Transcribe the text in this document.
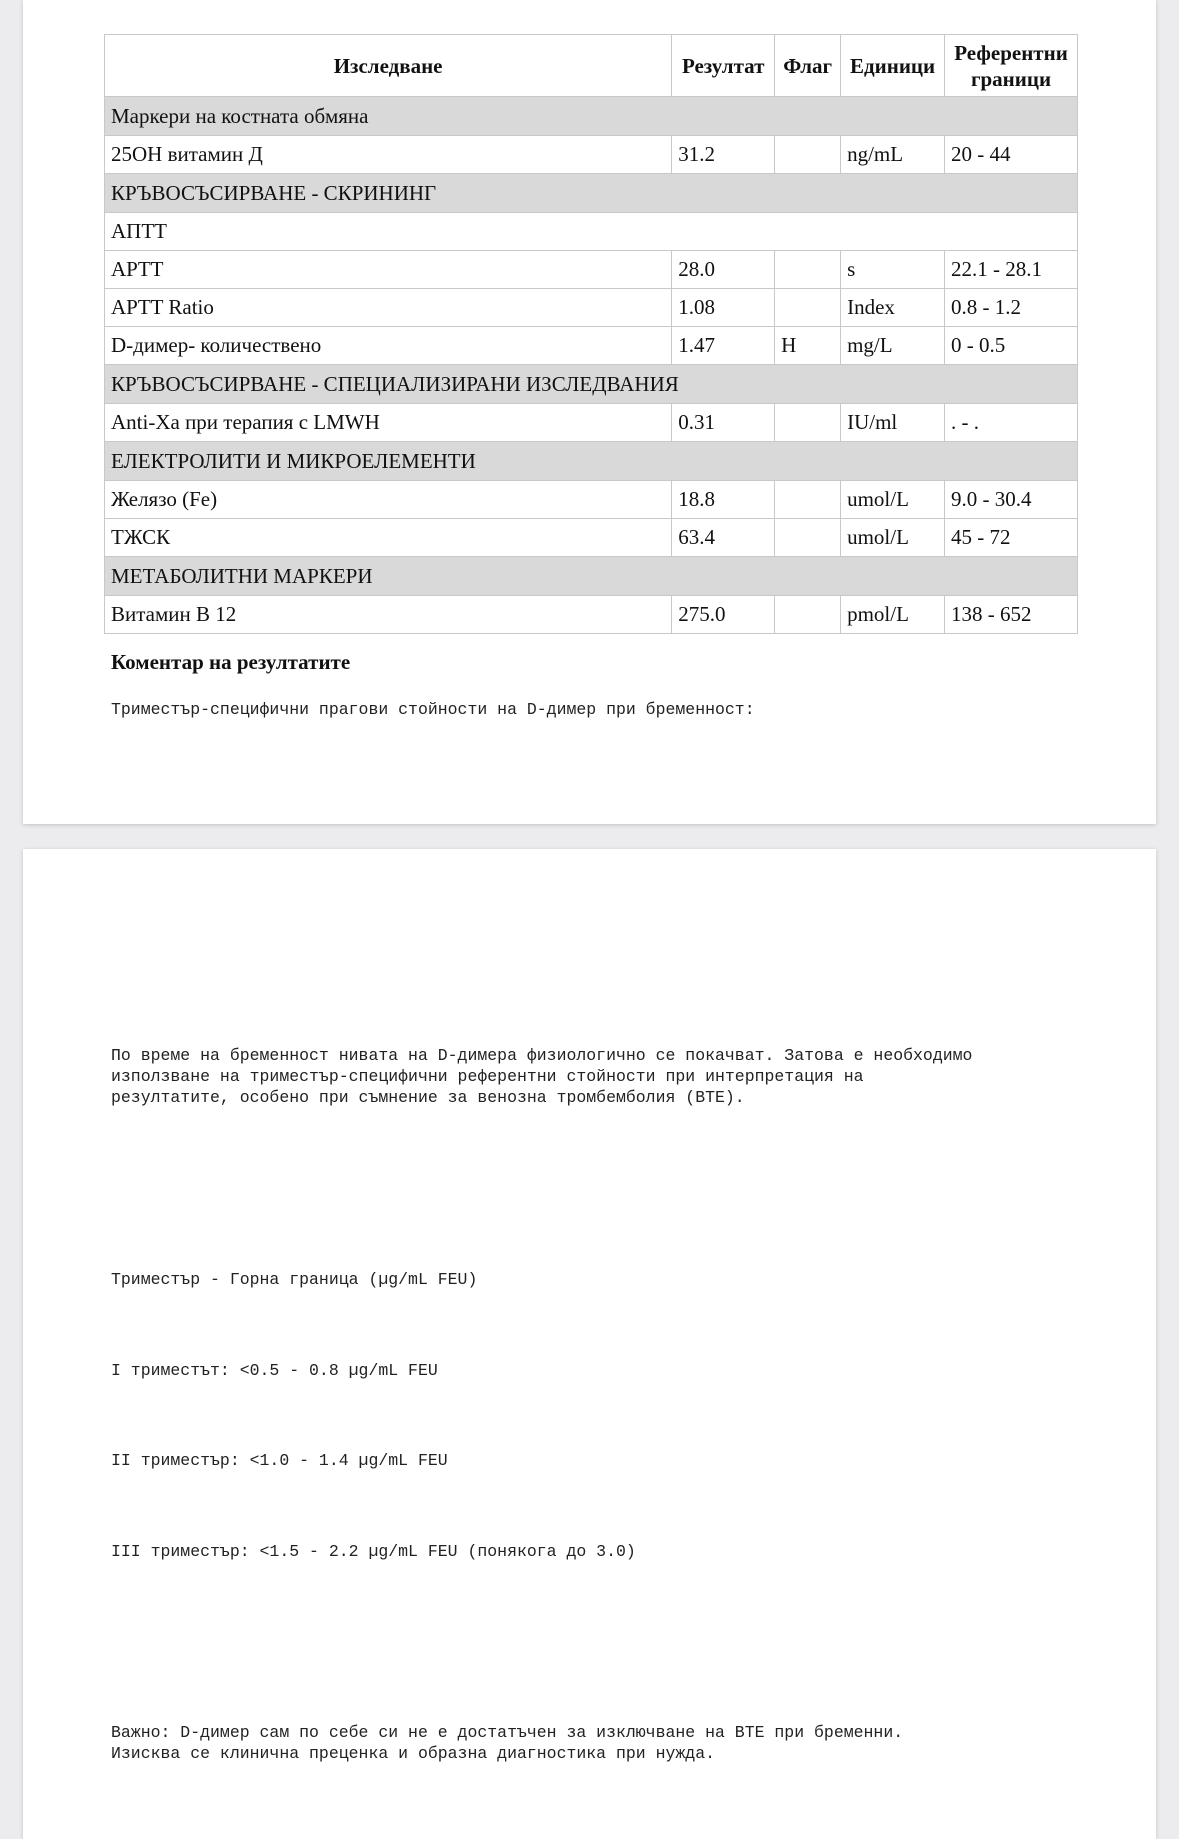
Изследване	Резултат	Флаг	Единици	Референтни
граници
Маркери на костната обмяна				
25OH витамин Д	31.2		ng/mL	20 - 44
КРЪВОСЪСИРВАНЕ - СКРИНИНГ				
АПТТ				
APTT	28.0		s	22.1 - 28.1
APTT Ratio	1.08		Index	0.8 - 1.2
D-димер- количествено	1.47	H	mg/L	0 - 0.5
КРЪВОСЪСИРВАНЕ - СПЕЦИАЛИЗИРАНИ ИЗСЛЕДВАНИЯ				
Anti-Xa при терапия с LMWH	0.31		IU/ml	. - .
ЕЛЕКТРОЛИТИ И МИКРОЕЛЕМЕНТИ				
Желязо (Fe)	18.8		umol/L	9.0 - 30.4
ТЖСК	63.4		umol/L	45 - 72
МЕТАБОЛИТНИ МАРКЕРИ				
Витамин B 12	275.0		pmol/L	138 - 652
Коментар на резултатите

Триместър-специфични прагови стойности на D-димер при бременност:

По време на бременност нивата на D-димера физиологично се покачват. Затова е необходимо
използване на триместър-специфични референтни стойности при интерпретация на
резултатите, особено при съмнение за венозна тромбемболия (ВТЕ).

Триместър - Горна граница (µg/mL FEU)

I триместът: <0.5 - 0.8 µg/mL FEU

II триместър: <1.0 - 1.4 µg/mL FEU

III триместър: <1.5 - 2.2 µg/mL FEU (понякога до 3.0)

Важно: D-димер сам по себе си не е достатъчен за изключване на ВТЕ при бременни.
Изисква се клинична преценка и образна диагностика при нужда.
